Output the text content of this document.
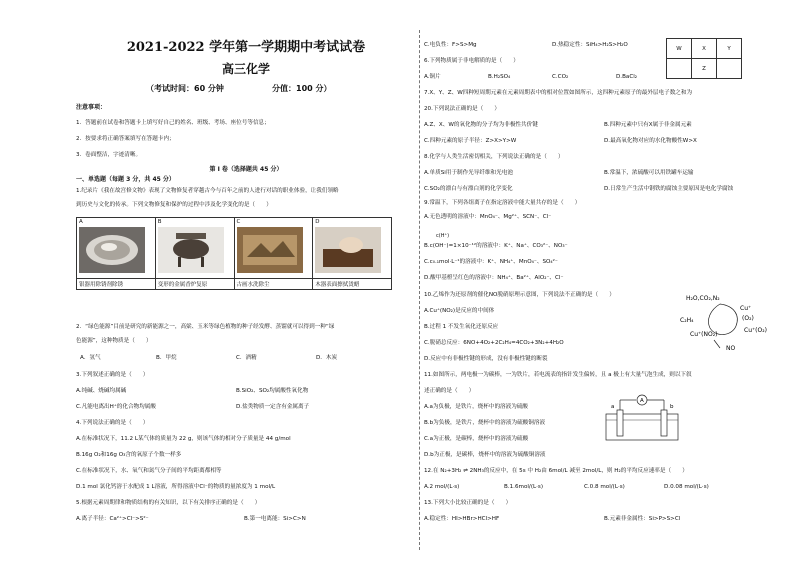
2021-2022 学年第一学期期中考试试卷
高三化学
（考试时间：60 分钟	分值：100 分）
注意事项：
1．答题前在试卷和答题卡上填写好自己的姓名、班级、考场、座位号等信息；
2．按要求将正确答案填写在答题卡内；
3．卷面整洁，字迹清晰。
第 I 卷（选择题共 45 分）
一、单选题（每题 3 分，共 45 分）
1.纪录片《我在故宫修文物》表现了文物修复者穿越古今与百年之前的人进行对话的职业体验，让我们领略
到历史与文化的传承。下列文物修复和保护的过程中涉及化学变化的是（　　）
A	B	C	D

银器用除锈剂除锈	变形的金属香炉复原	古画水洗除尘	木器表面擦拭烫蜡
2．“绿色能源”目前是研究的新能源之一，高粱、玉米等绿色植物的种子经发酵、蒸馏就可以得到一种“绿
色能源”，这种物质是（　　）
A．氢气	B．甲烷	C．酒精	D．木炭
3.下列叙述正确的是（　　）
A.纯碱、烧碱均属碱	B.SiO₂、SO₂均属酸性氧化物
C.凡能电离出H⁺的化合物均属酸	D.盐类物质一定含有金属离子
4.下列说法正确的是（　　）
A.在标准状况下，11.2 L某气体的质量为 22 g，则该气体的相对分子质量是 44 g/mol
B.16g O₂和16g O₃含的氧原子个数一样多
C.在标准状况下，水、氧气和氮气分子间的平均距离都相等
D.1 mol 氯化钙溶于水配成 1 L溶液，所得溶液中Cl⁻的物质的量浓度为 1 mol/L
5.根据元素周期律和物质结构的有关知识，以下有关排序正确的是（　　）
A.离子半径：Ca²⁺>Cl⁻>S²⁻	B.第一电离能：Si>C>N
C.电负性：F>S>Mg	D.热稳定性：SiH₄>H₂S>H₂O
6.下列物质属于非电解质的是（　　）
A.铜片	B.H₂SO₄	C.CO₂	D.BaCl₂
7.X、Y、Z、W四种短周期元素在元素周期表中的相对位置如图所示，这四种元素原子的最外层电子数之和为
20.下列说法正确的是（　　）
A.Z、X、W的氧化物的分子均为非极性共价键	B.四种元素中只有X属于非金属元素
C.四种元素的原子半径：Z>X>Y>W	D.最高氧化物对应的水化物酸性W>X
8.化学与人类生活密切相关，下列说法正确的是（　　）
A.单质Si用于制作光导纤维和光电池	B.常温下，浓硫酸可以用铁罐车运输
C.SO₂的漂白与有漂白剂的化学变化	D.日常生产生活中钢铁的腐蚀主要原因是电化学腐蚀
9.常温下，下列各组离子在指定溶液中能大量共存的是（　　）
A.无色透明的溶液中：MnO₄⁻、Mg²⁺、SCN⁻、Cl⁻
c(H⁺)
B.c(OH⁻)=1×10⁻¹²的溶液中：K⁺、Na⁺、CO₃²⁻、NO₃⁻
C.c₀.₁mol·L⁻¹的溶液中：K⁺、NH₄⁺、MnO₄⁻、SO₄²⁻
D.酸甲基橙呈红色的溶液中：NH₄⁺、Ba²⁺、AlO₂⁻、Cl⁻
10.乙烯作为还原剂的催化NO脱硝原理示意图，下列说法不正确的是（　　）
A.Cu⁺(NO₂)是反应的中间体
B.过程 1 不发生氧化还原反应
C.脱硝总反应：6NO+4O₂+2C₂H₄=4CO₂+3N₂+4H₂O
D.反应中有非极性键的形成，没有非极性键的断裂
11.如图所示，两电极一为碳棒，一为铁片，若电流表的指针发生偏转，且 a 极上有大量气泡生成，则以下叙
述正确的是（　　）
A.a为负极，是铁片，烧杯中的溶液为硫酸
B.b为负极，是铁片，烧杯中的溶液为硫酸铜溶液
C.a为正极，是碳棒，烧杯中的溶液为硫酸
D.b为正极，是碳棒，烧杯中的溶液为硫酸铜溶液
12.在 N₂+3H₂ ⇌ 2NH₃的反应中，在 5s 中 H₂由 6mol/L 减至 2mol/L，则 H₂的平均反应速率是（　　）
A.2 mol/(L·s)	B.1.6mol/(L·s)	C.0.8 mol/(L·s)	D.0.08 mol/(L·s)
13.下列大小比较正确的是（　　）
A.稳定性：HI>HBr>HCl>HF	B.元素非金属性：Si>P>S>Cl
W	X	Y
	Z	
H₂O,CO₂,N₂
Cu⁺
C₂H₄	(O₂)
Cu⁺(NO₂)
Cu⁺(O₂)
NO
A
a	b
